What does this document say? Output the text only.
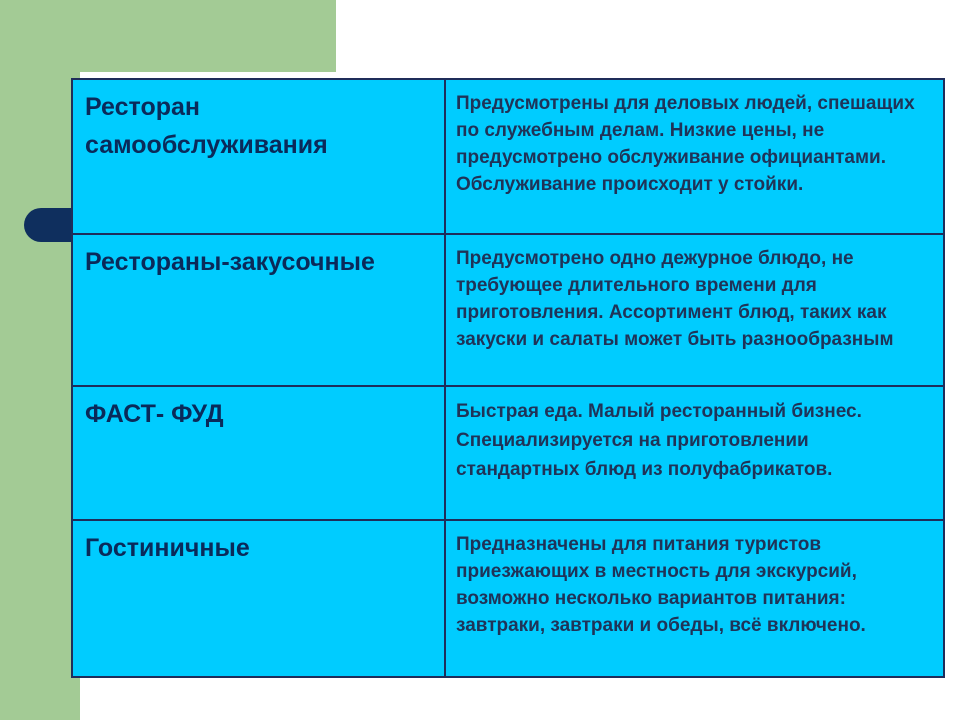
Ресторан самообслуживания	Предусмотрены для деловых людей, спешащих по служебным делам. Низкие цены, не предусмотрено обслуживание официантами. Обслуживание происходит у стойки.
Рестораны-закусочные	Предусмотрено одно дежурное блюдо, не требующее длительного времени для приготовления. Ассортимент блюд, таких как закуски и салаты может быть разнообразным
ФАСТ- ФУД	Быстрая еда. Малый ресторанный бизнес. Специализируется на приготовлении стандартных блюд из полуфабрикатов.
Гостиничные	Предназначены для питания туристов приезжающих в местность для экскурсий, возможно несколько вариантов питания: завтраки, завтраки и обеды, всё включено.
